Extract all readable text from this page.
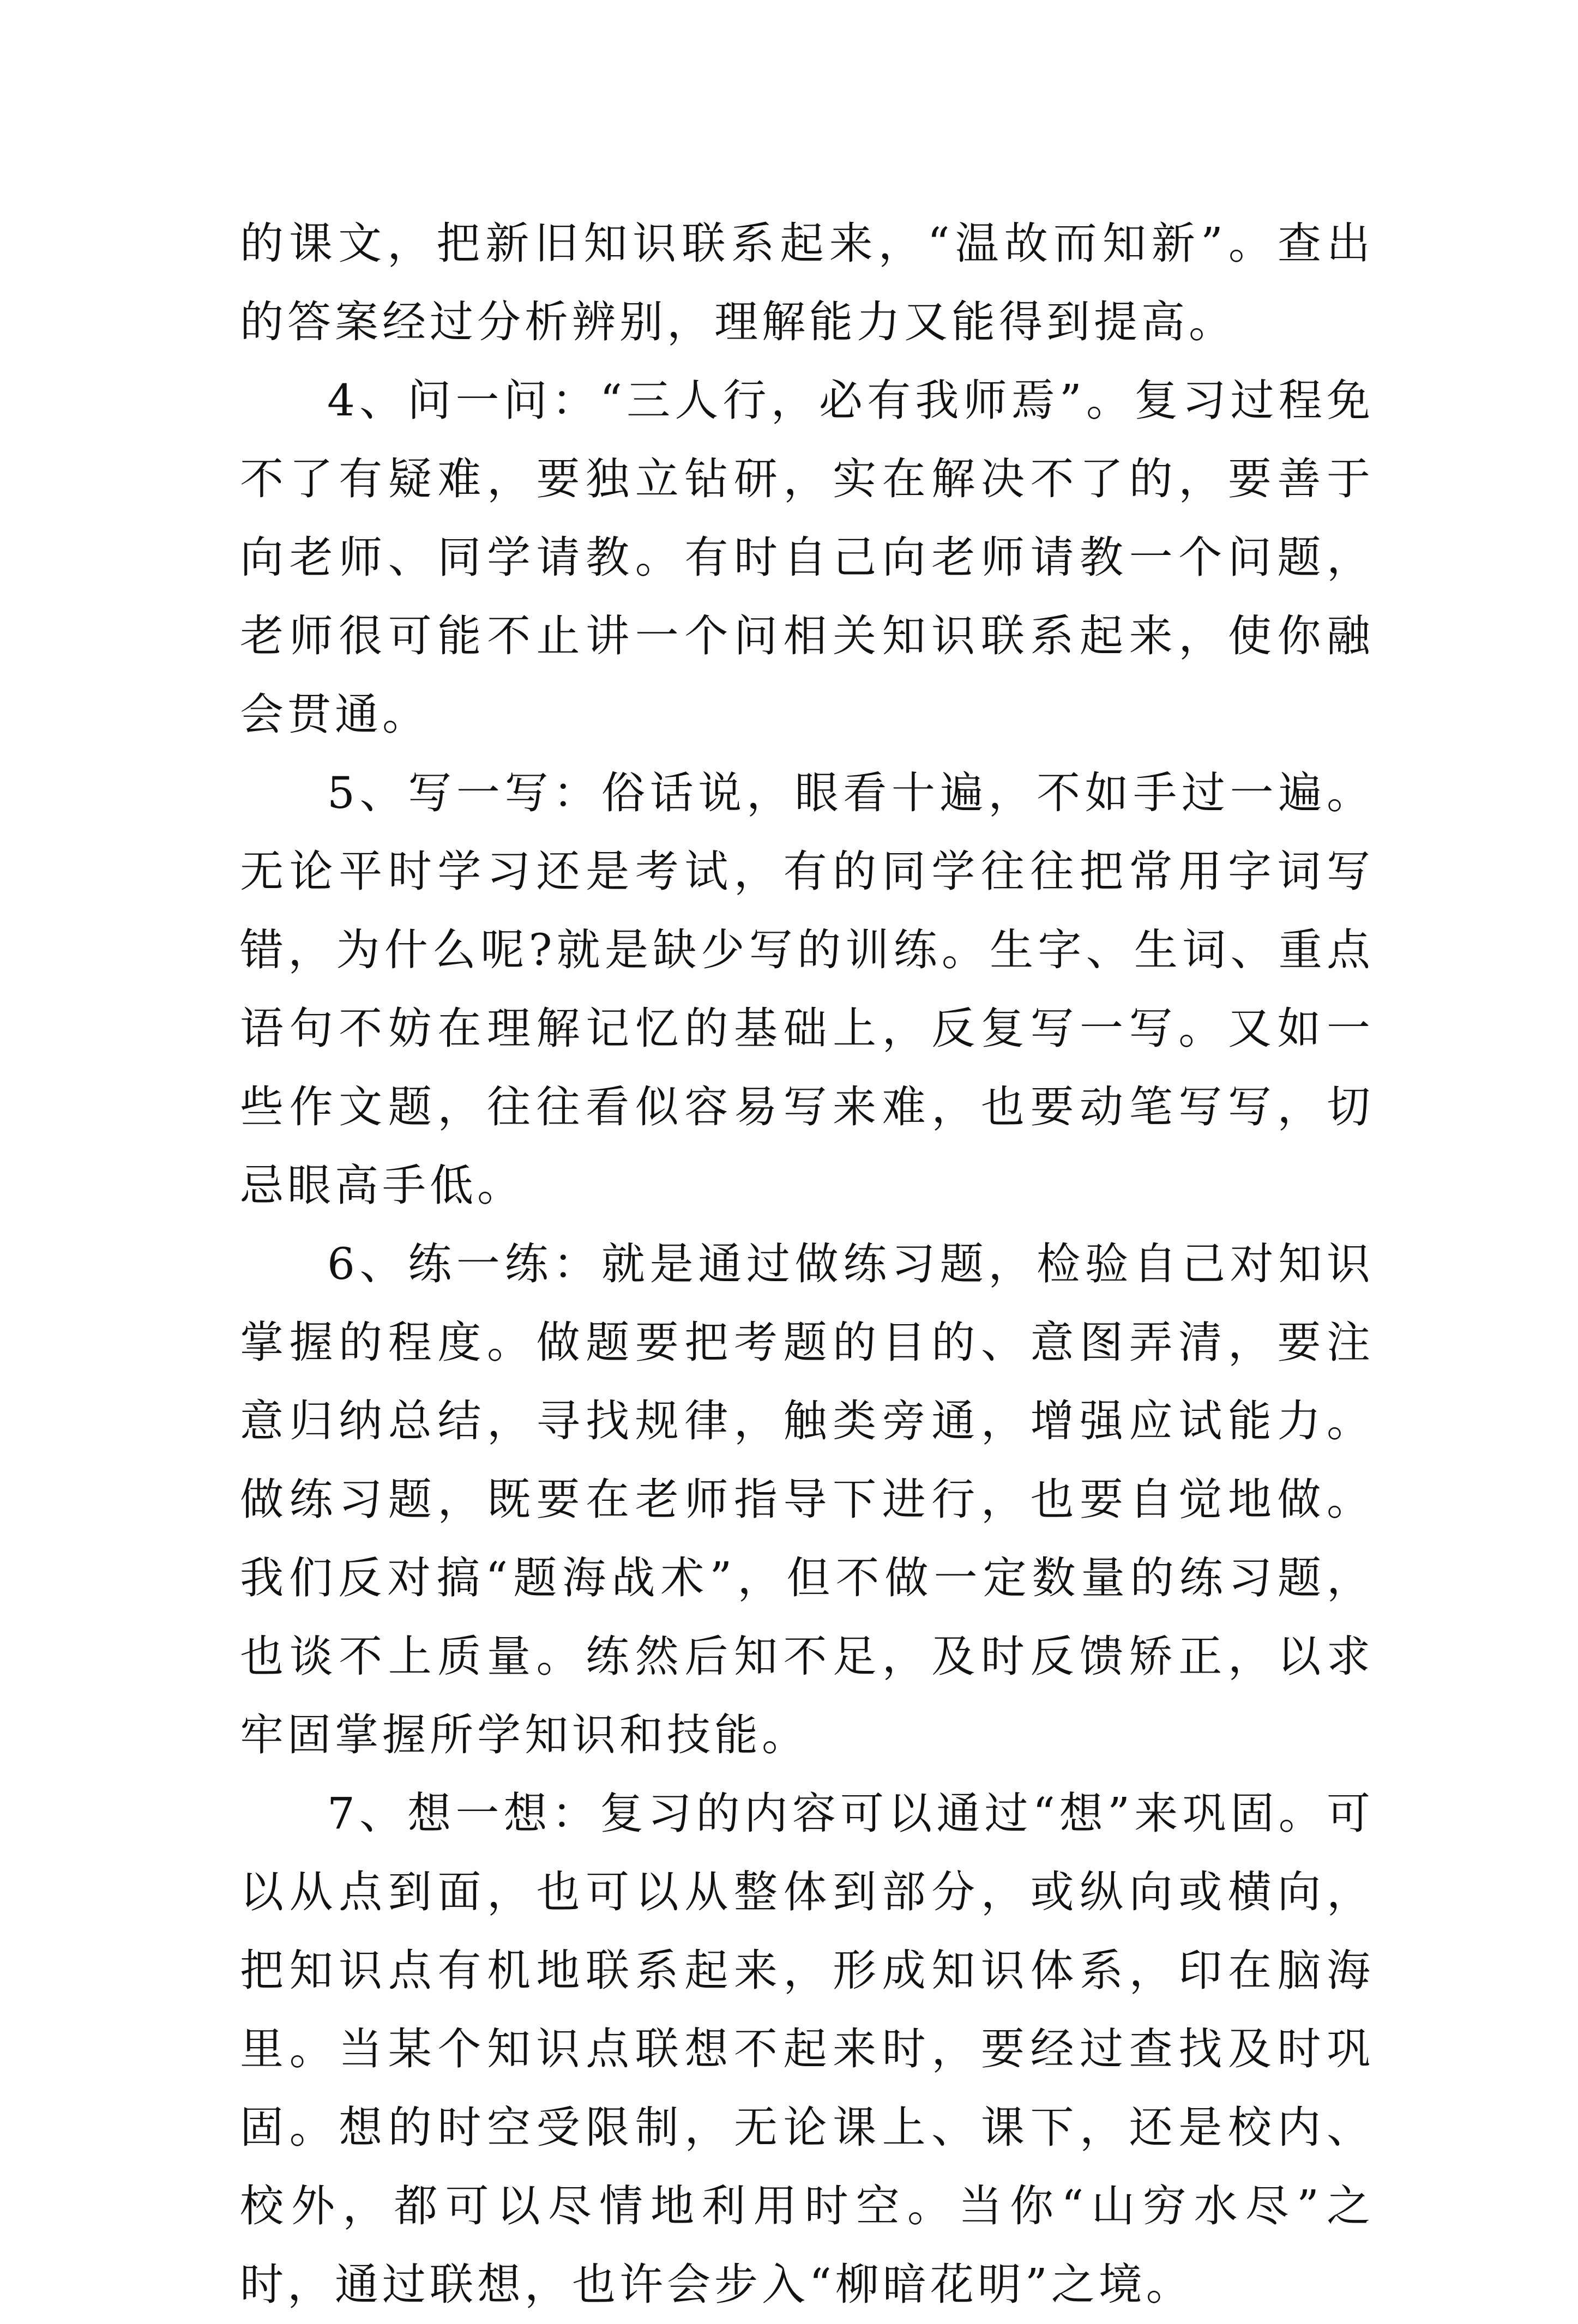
的课文，把新旧知识联系起来，“温故而知新”。查出的答案经过分析辨别，理解能力又能得到提高。

4、问一问：“三人行，必有我师焉”。复习过程免不了有疑难，要独立钻研，实在解决不了的，要善于向老师、同学请教。有时自己向老师请教一个问题，老师很可能不止讲一个问相关知识联系起来，使你融会贯通。

5、写一写：俗话说，眼看十遍，不如手过一遍。无论平时学习还是考试，有的同学往往把常用字词写错，为什么呢?就是缺少写的训练。生字、生词、重点语句不妨在理解记忆的基础上，反复写一写。又如一些作文题，往往看似容易写来难，也要动笔写写，切忌眼高手低。

6、练一练：就是通过做练习题，检验自己对知识掌握的程度。做题要把考题的目的、意图弄清，要注意归纳总结，寻找规律，触类旁通，增强应试能力。做练习题，既要在老师指导下进行，也要自觉地做。我们反对搞“题海战术”，但不做一定数量的练习题，也谈不上质量。练然后知不足，及时反馈矫正，以求牢固掌握所学知识和技能。

7、想一想：复习的内容可以通过“想”来巩固。可以从点到面，也可以从整体到部分，或纵向或横向，把知识点有机地联系起来，形成知识体系，印在脑海里。当某个知识点联想不起来时，要经过查找及时巩固。想的时空受限制，无论课上、课下，还是校内、校外，都可以尽情地利用时空。当你“山穷水尽”之时，通过联想，也许会步入“柳暗花明”之境。
